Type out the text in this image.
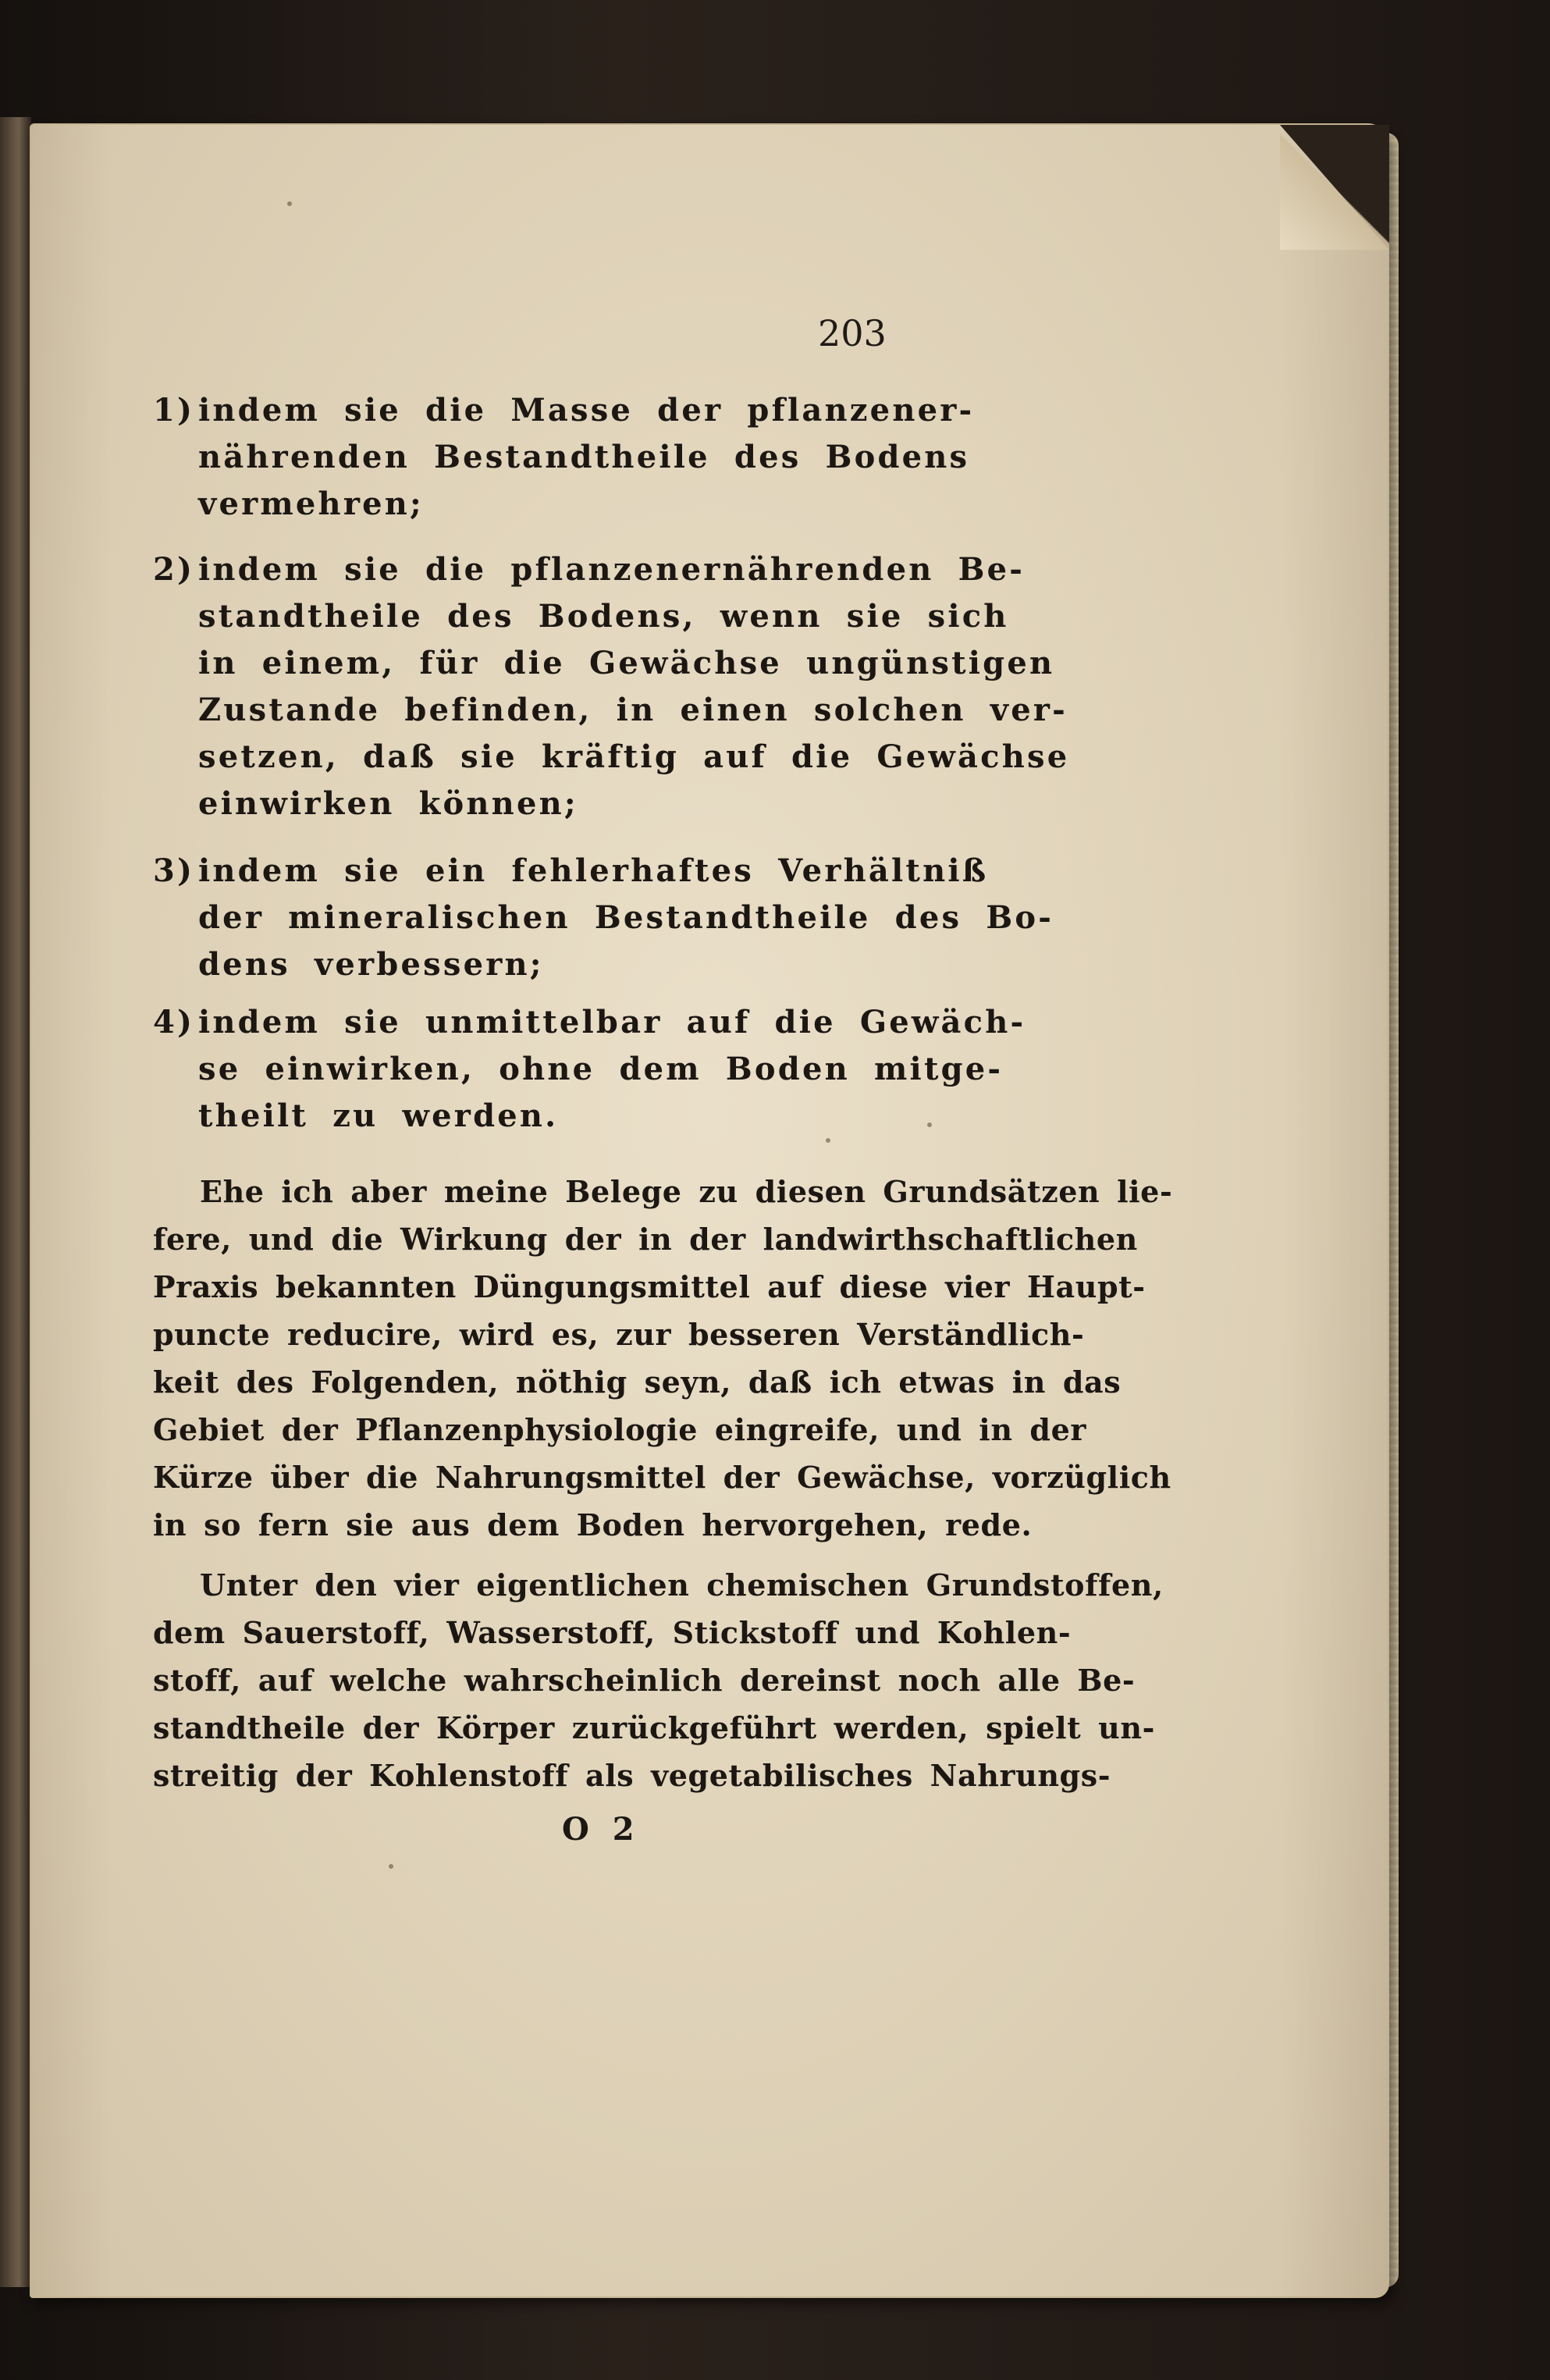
203
1) indem sie die Masse der pflanzener-
nährenden Bestandtheile des Bodens
vermehren;
2) indem sie die pflanzenernährenden Be-
standtheile des Bodens, wenn sie sich
in einem, für die Gewächse ungünstigen
Zustande befinden, in einen solchen ver-
setzen, daß sie kräftig auf die Gewächse
einwirken können;
3) indem sie ein fehlerhaftes Verhältniß
der mineralischen Bestandtheile des Bo-
dens verbessern;
4) indem sie unmittelbar auf die Gewäch-
se einwirken, ohne dem Boden mitge-
theilt zu werden.
Ehe ich aber meine Belege zu diesen Grundsätzen lie-
fere, und die Wirkung der in der landwirthschaftlichen
Praxis bekannten Düngungsmittel auf diese vier Haupt-
puncte reducire, wird es, zur besseren Verständlich-
keit des Folgenden, nöthig seyn, daß ich etwas in das
Gebiet der Pflanzenphysiologie eingreife, und in der
Kürze über die Nahrungsmittel der Gewächse, vorzüglich
in so fern sie aus dem Boden hervorgehen, rede.
Unter den vier eigentlichen chemischen Grundstoffen,
dem Sauerstoff, Wasserstoff, Stickstoff und Kohlen-
stoff, auf welche wahrscheinlich dereinst noch alle Be-
standtheile der Körper zurückgeführt werden, spielt un-
streitig der Kohlenstoff als vegetabilisches Nahrungs-
O 2
